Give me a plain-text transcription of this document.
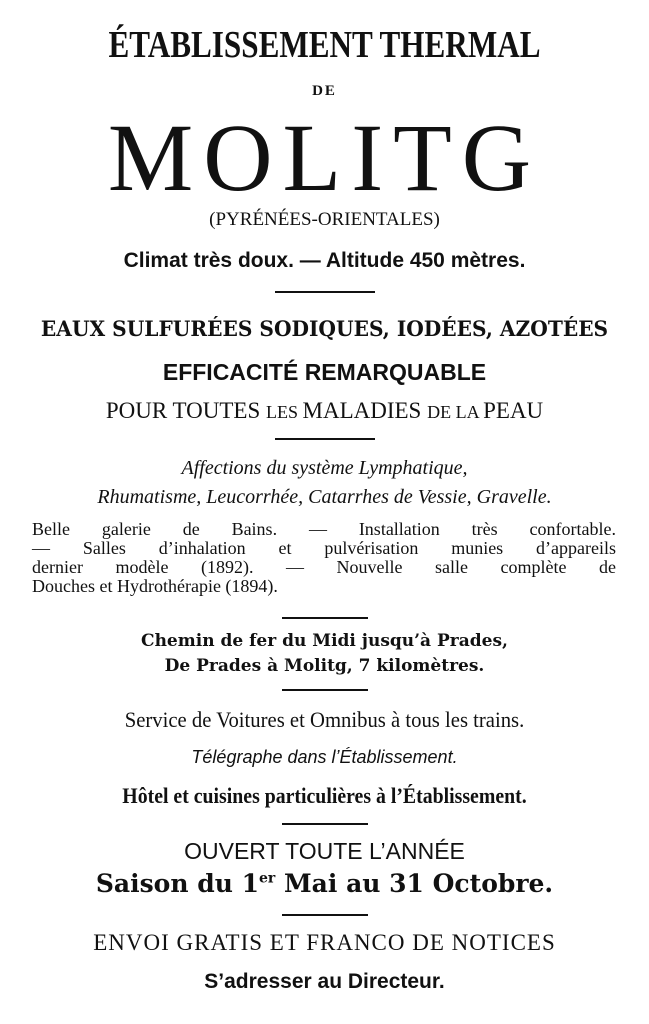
ÉTABLISSEMENT THERMAL
DE
MOLITG
(PYRÉNÉES-ORIENTALES)
Climat très doux. — Altitude 450 mètres.
EAUX SULFURÉES SODIQUES, IODÉES, AZOTÉES
EFFICACITÉ REMARQUABLE
POUR TOUTES LES MALADIES DE LA PEAU
Affections du système Lymphatique,
Rhumatisme, Leucorrhée, Catarrhes de Vessie, Gravelle.
Belle galerie de Bains. — Installation très confortable.
— Salles d’inhalation et pulvérisation munies d’appareils
dernier modèle (1892). — Nouvelle salle complète de
Douches et Hydrothérapie (1894).
Chemin de fer du Midi jusqu’à Prades,
De Prades à Molitg, 7 kilomètres.
Service de Voitures et Omnibus à tous les trains.
Télégraphe dans l’Établissement.
Hôtel et cuisines particulières à l’Établissement.
OUVERT TOUTE L’ANNÉE
Saison du 1er Mai au 31 Octobre.
ENVOI GRATIS ET FRANCO DE NOTICES
S’adresser au Directeur.
